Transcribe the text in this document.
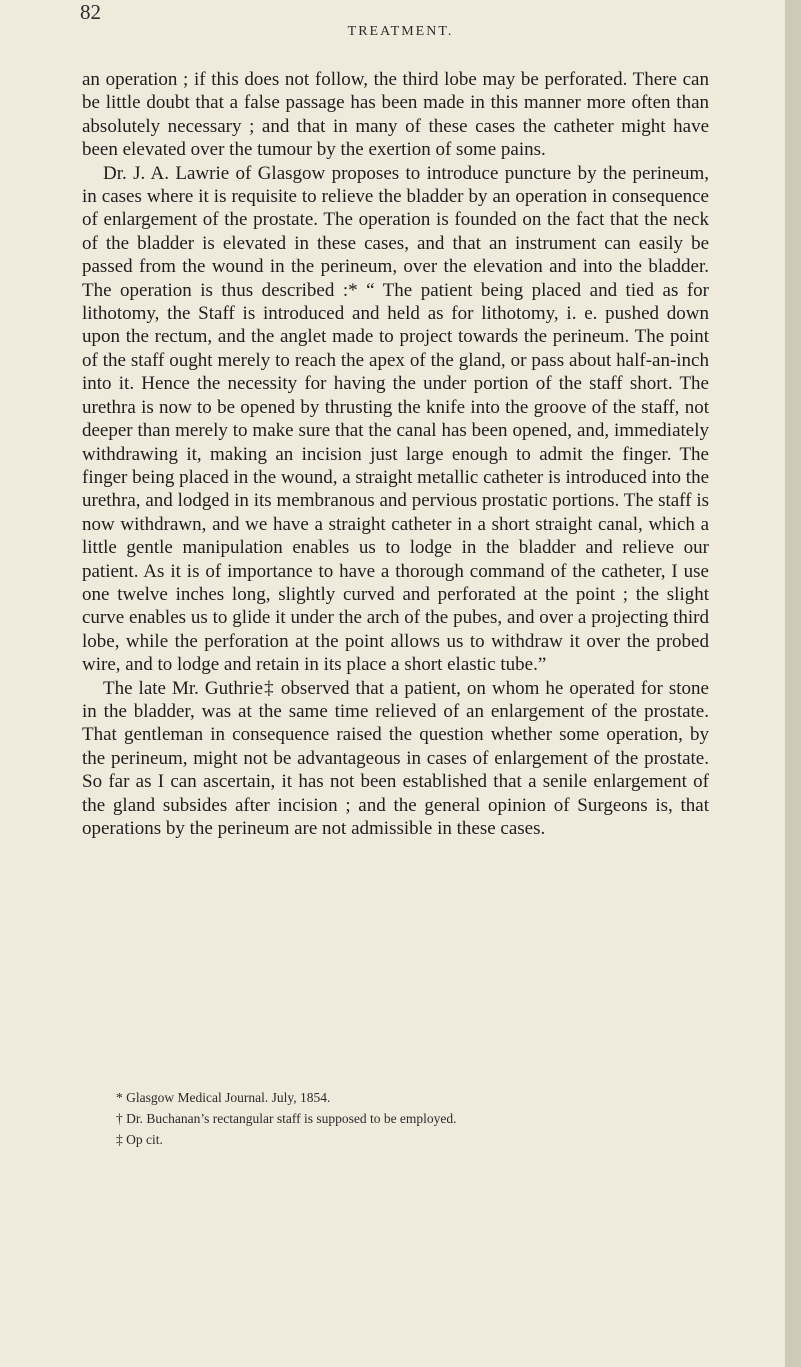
82
TREATMENT.

an operation ; if this does not follow, the third lobe may be perforated. There can be little doubt that a false passage has been made in this manner more often than absolutely necessary ; and that in many of these cases the catheter might have been elevated over the tumour by the exertion of some pains.

Dr. J. A. Lawrie of Glasgow proposes to introduce puncture by the perineum, in cases where it is requisite to relieve the bladder by an operation in consequence of enlargement of the prostate. The operation is founded on the fact that the neck of the bladder is elevated in these cases, and that an instrument can easily be passed from the wound in the perineum, over the elevation and into the bladder. The operation is thus described :* “ The patient being placed and tied as for lithotomy, the Staff is introduced and held as for lithotomy, i. e. pushed down upon the rectum, and the anglet made to project towards the perineum. The point of the staff ought merely to reach the apex of the gland, or pass about half-an-inch into it. Hence the necessity for having the under portion of the staff short. The urethra is now to be opened by thrusting the knife into the groove of the staff, not deeper than merely to make sure that the canal has been opened, and, immediately withdrawing it, making an incision just large enough to admit the finger. The finger being placed in the wound, a straight metallic catheter is introduced into the urethra, and lodged in its membranous and pervious prostatic portions. The staff is now withdrawn, and we have a straight catheter in a short straight canal, which a little gentle manipulation enables us to lodge in the bladder and relieve our patient. As it is of importance to have a thorough command of the catheter, I use one twelve inches long, slightly curved and perforated at the point ; the slight curve enables us to glide it under the arch of the pubes, and over a projecting third lobe, while the perforation at the point allows us to withdraw it over the probed wire, and to lodge and retain in its place a short elastic tube.”

The late Mr. Guthrie‡ observed that a patient, on whom he operated for stone in the bladder, was at the same time relieved of an enlargement of the prostate. That gentleman in consequence raised the question whether some operation, by the perineum, might not be advantageous in cases of enlargement of the prostate. So far as I can ascertain, it has not been established that a senile enlargement of the gland subsides after incision ; and the general opinion of Surgeons is, that operations by the perineum are not admissible in these cases.

* Glasgow Medical Journal. July, 1854.
† Dr. Buchanan’s rectangular staff is supposed to be employed.
‡ Op cit.
